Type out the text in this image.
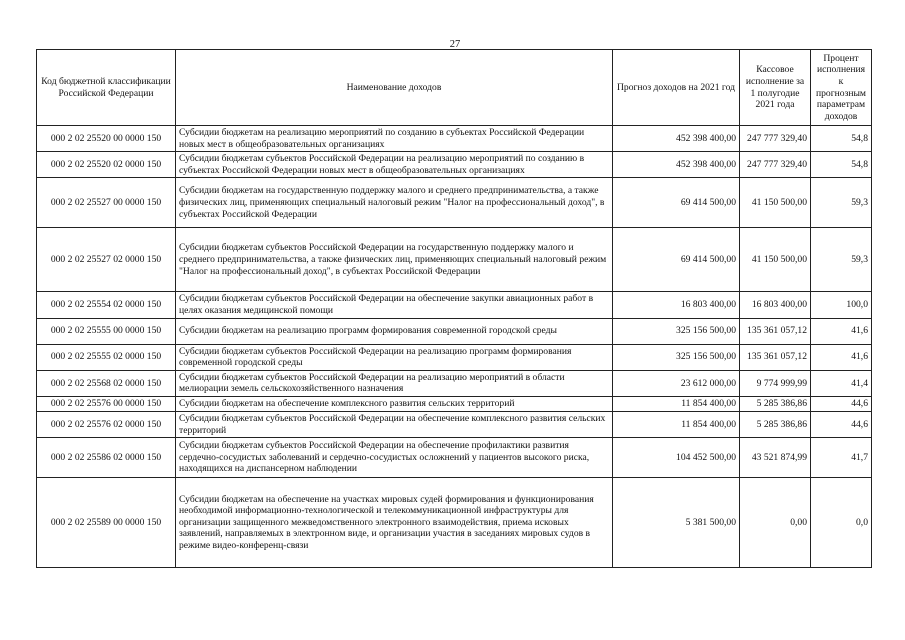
27
Код бюджетной классификации Российской Федерации	Наименование доходов	Прогноз доходов на 2021 год	Кассовое исполнение за 1 полугодие 2021 года	Процент исполнения к прогнозным параметрам доходов
000 2 02 25520 00 0000 150	Субсидии бюджетам на реализацию мероприятий по созданию в субъектах Российской Федерации новых мест в общеобразовательных организациях	452 398 400,00	247 777 329,40	54,8
000 2 02 25520 02 0000 150	Субсидии бюджетам субъектов Российской Федерации на реализацию мероприятий по созданию в субъектах Российской Федерации новых мест в общеобразовательных организациях	452 398 400,00	247 777 329,40	54,8
000 2 02 25527 00 0000 150	Субсидии бюджетам на государственную поддержку малого и среднего предпринимательства, а также физических лиц, применяющих специальный налоговый режим "Налог на профессиональный доход", в субъектах Российской Федерации	69 414 500,00	41 150 500,00	59,3
000 2 02 25527 02 0000 150	Субсидии бюджетам субъектов Российской Федерации на государственную поддержку малого и среднего предпринимательства, а также физических лиц, применяющих специальный налоговый режим "Налог на профессиональный доход", в субъектах Российской Федерации	69 414 500,00	41 150 500,00	59,3
000 2 02 25554 02 0000 150	Субсидии бюджетам субъектов Российской Федерации на обеспечение закупки авиационных работ в целях оказания медицинской помощи	16 803 400,00	16 803 400,00	100,0
000 2 02 25555 00 0000 150	Субсидии бюджетам на реализацию программ формирования современной городской среды	325 156 500,00	135 361 057,12	41,6
000 2 02 25555 02 0000 150	Субсидии бюджетам субъектов Российской Федерации на реализацию программ формирования современной городской среды	325 156 500,00	135 361 057,12	41,6
000 2 02 25568 02 0000 150	Субсидии бюджетам субъектов Российской Федерации на реализацию мероприятий в области мелиорации земель сельскохозяйственного назначения	23 612 000,00	9 774 999,99	41,4
000 2 02 25576 00 0000 150	Субсидии бюджетам на обеспечение комплексного развития сельских территорий	11 854 400,00	5 285 386,86	44,6
000 2 02 25576 02 0000 150	Субсидии бюджетам субъектов Российской Федерации на обеспечение комплексного развития сельских территорий	11 854 400,00	5 285 386,86	44,6
000 2 02 25586 02 0000 150	Субсидии бюджетам субъектов Российской Федерации на обеспечение профилактики развития сердечно-сосудистых заболеваний и сердечно-сосудистых осложнений у пациентов высокого риска, находящихся на диспансерном наблюдении	104 452 500,00	43 521 874,99	41,7
000 2 02 25589 00 0000 150	Субсидии бюджетам на обеспечение на участках мировых судей формирования и функционирования необходимой информационно-технологической и телекоммуникационной инфраструктуры для организации защищенного межведомственного электронного взаимодействия, приема исковых заявлений, направляемых в электронном виде, и организации участия в заседаниях мировых судов в режиме видео-конференц-связи	5 381 500,00	0,00	0,0
